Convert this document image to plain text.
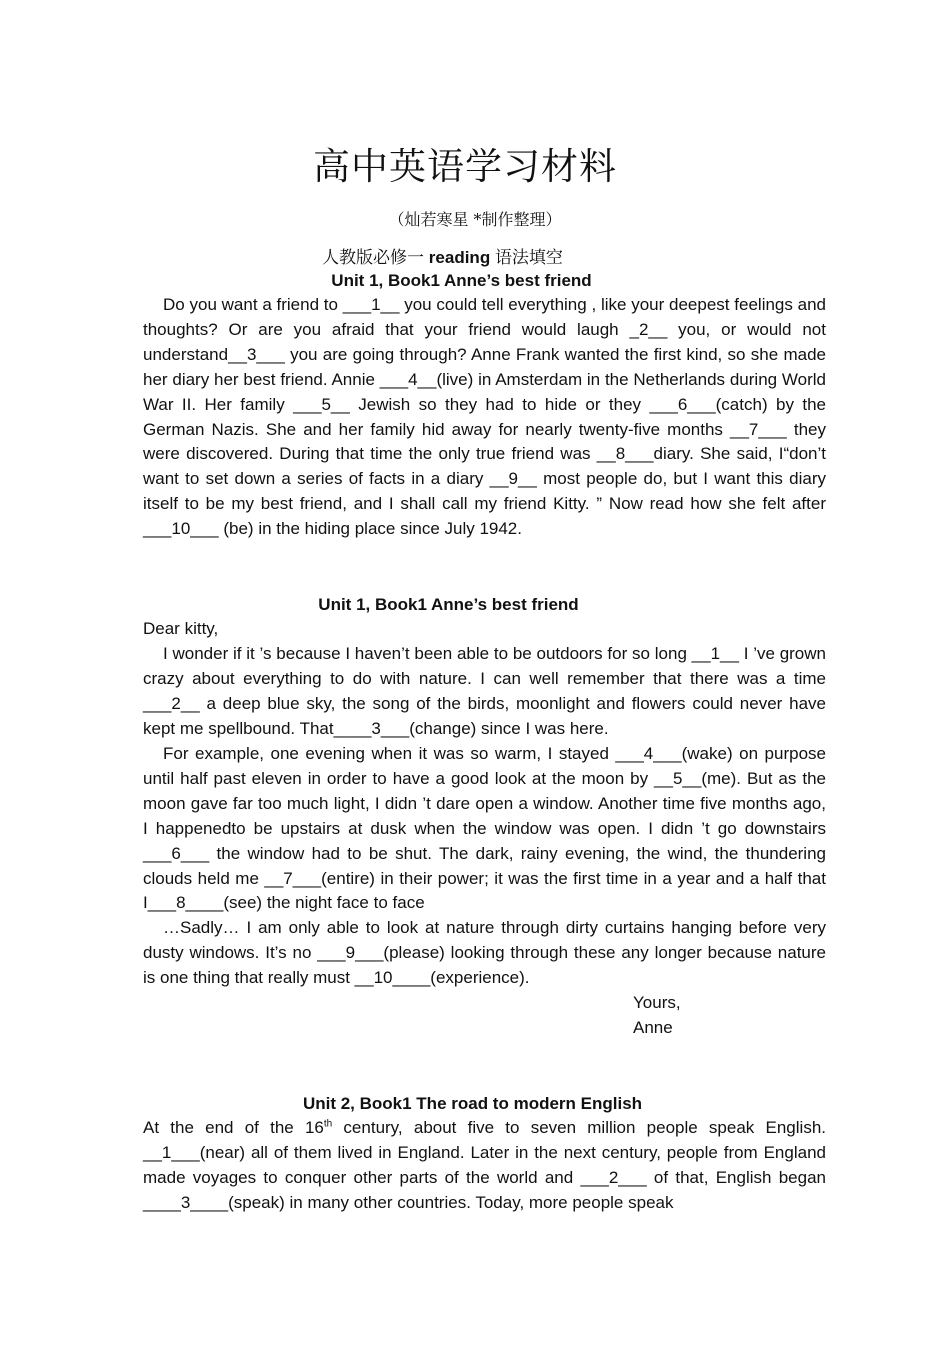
高中英语学习材料
（灿若寒星 *制作整理）
人教版必修一 reading 语法填空
Unit 1, Book1 Anne’s best friend
Do you want a friend to ___1__ you could tell everything , like your deepest feelings and thoughts? Or are you afraid that your friend would laugh _2__ you, or would not understand__3___ you are going through? Anne Frank wanted the first kind, so she made her diary her best friend. Annie ___4__(live) in Amsterdam in the Netherlands during World War II. Her family ___5__ Jewish so they had to hide or they ___6___(catch) by the German Nazis. She and her family hid away for nearly twenty-five months __7___ they were discovered. During that time the only true friend was __8___diary. She said, I“don’t want to set down a series of facts in a diary __9__ most people do, but I want this diary itself to be my best friend, and I shall call my friend Kitty. ” Now read how she felt after ___10___ (be) in the hiding place since July 1942.
Unit 1, Book1 Anne’s best friend
Dear kitty,
I wonder if it ’s because I haven’t been able to be outdoors for so long __1__ I ’ve grown crazy about everything to do with nature. I can well remember that there was a time ___2__ a deep blue sky, the song of the birds, moonlight and flowers could never have kept me spellbound. That____3___(change) since I was here.
For example, one evening when it was so warm, I stayed ___4___(wake) on purpose until half past eleven in order to have a good look at the moon by __5__(me). But as the moon gave far too much light, I didn ’t dare open a window. Another time five months ago, I happenedto be upstairs at dusk when the window was open. I didn ’t go downstairs ___6___ the window had to be shut. The dark, rainy evening, the wind, the thundering clouds held me __7___(entire) in their power; it was the first time in a year and a half that I___8____(see) the night face to face
…Sadly… I am only able to look at nature through dirty curtains hanging before very dusty windows. It’s no ___9___(please) looking through these any longer because nature is one thing that really must __10____(experience).
Yours,
Anne
Unit 2, Book1 The road to modern English
At the end of the 16th century, about five to seven million people speak English. __1___(near) all of them lived in England. Later in the next century, people from England made voyages to conquer other parts of the world and ___2___ of that, English began ____3____(speak) in many other countries. Today, more people speak
